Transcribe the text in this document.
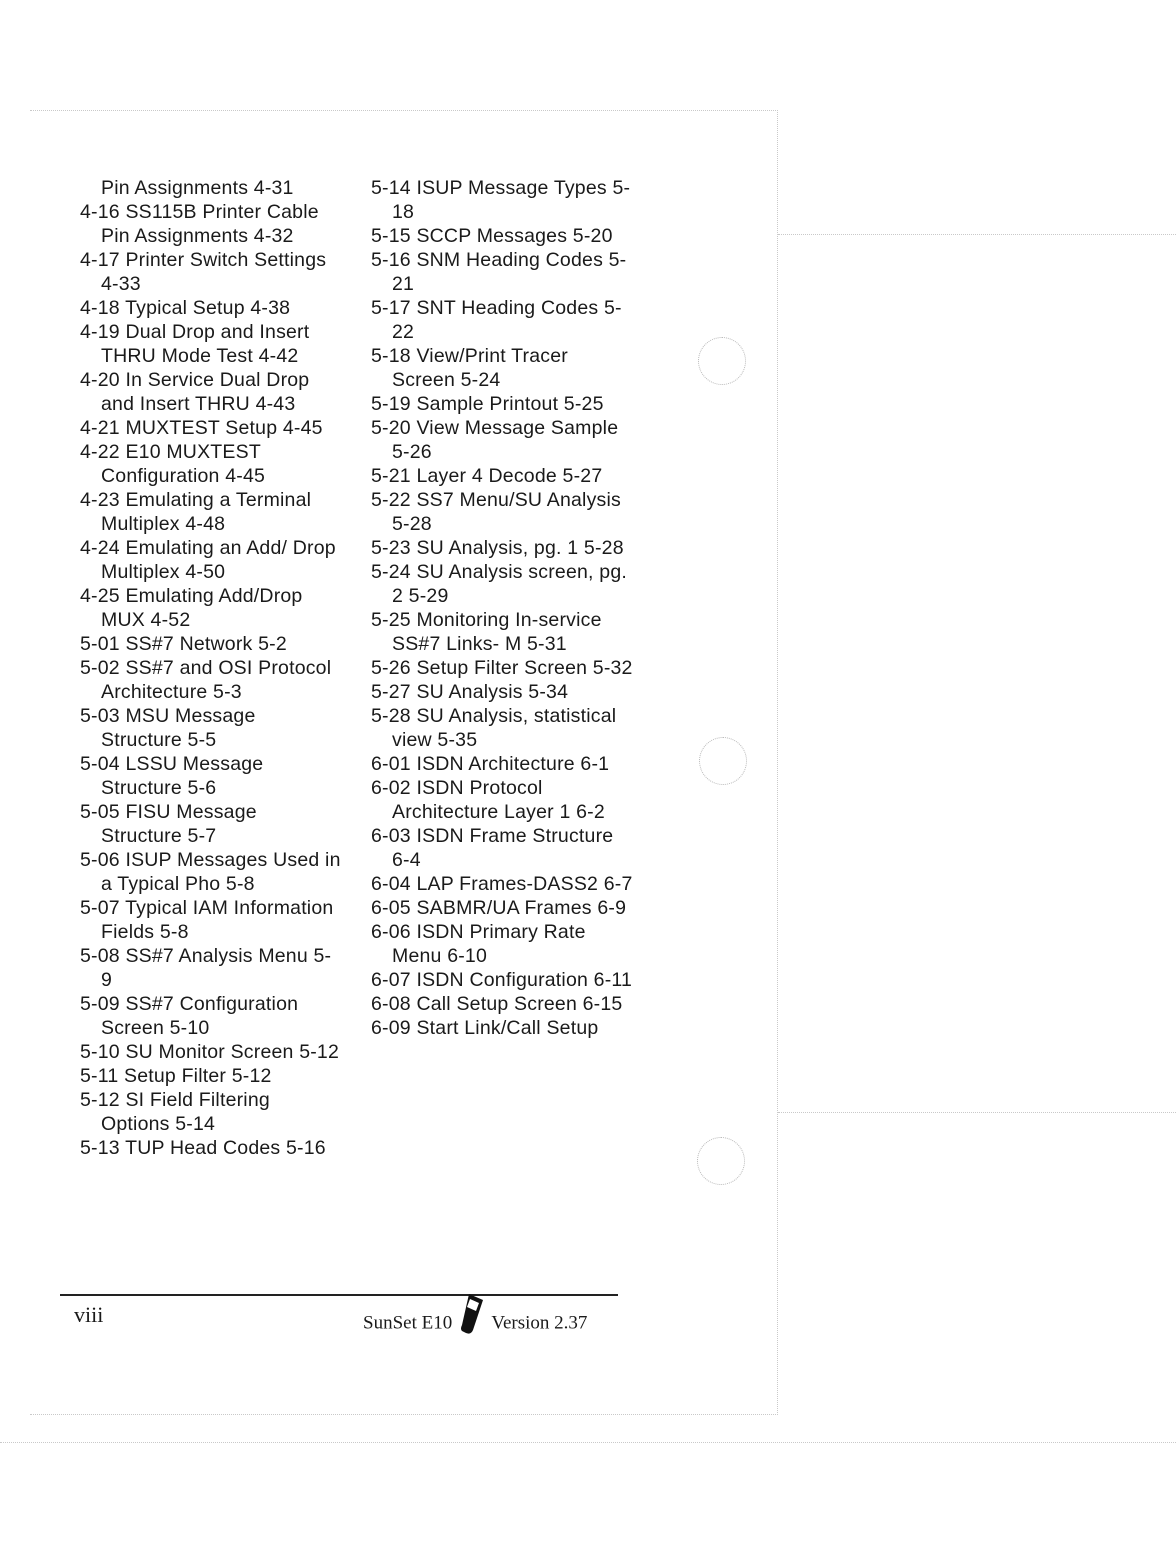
Pin Assignments 4-31
4-16 SS115B Printer Cable Pin Assignments 4-32
4-17 Printer Switch Settings 4-33
4-18 Typical Setup 4-38
4-19 Dual Drop and Insert THRU Mode Test 4-42
4-20 In Service Dual Drop and Insert THRU 4-43
4-21 MUXTEST Setup 4-45
4-22 E10 MUXTEST Configuration 4-45
4-23 Emulating a Terminal Multiplex 4-48
4-24 Emulating an Add/ Drop Multiplex 4-50
4-25 Emulating Add/Drop MUX 4-52
5-01 SS#7 Network 5-2
5-02 SS#7 and OSI Protocol Architecture 5-3
5-03 MSU Message Structure 5-5
5-04 LSSU Message Structure 5-6
5-05 FISU Message Structure 5-7
5-06 ISUP Messages Used in a Typical Pho 5-8
5-07 Typical IAM Information Fields 5-8
5-08 SS#7 Analysis Menu 5-9
5-09 SS#7 Configuration Screen 5-10
5-10 SU Monitor Screen 5-12
5-11 Setup Filter 5-12
5-12 SI Field Filtering Options 5-14
5-13 TUP Head Codes 5-16
5-14 ISUP Message Types 5-18
5-15 SCCP Messages 5-20
5-16 SNM Heading Codes 5-21
5-17 SNT Heading Codes 5-22
5-18 View/Print Tracer Screen 5-24
5-19 Sample Printout 5-25
5-20 View Message Sample 5-26
5-21 Layer 4 Decode 5-27
5-22 SS7 Menu/SU Analysis 5-28
5-23 SU Analysis, pg. 1 5-28
5-24 SU Analysis screen, pg. 2 5-29
5-25 Monitoring In-service SS#7 Links- M 5-31
5-26 Setup Filter Screen 5-32
5-27 SU Analysis 5-34
5-28 SU Analysis, statistical view 5-35
6-01 ISDN Architecture 6-1
6-02 ISDN Protocol Architecture Layer 1 6-2
6-03 ISDN Frame Structure 6-4
6-04 LAP Frames-DASS2 6-7
6-05 SABMR/UA Frames 6-9
6-06 ISDN Primary Rate Menu 6-10
6-07 ISDN Configuration 6-11
6-08 Call Setup Screen 6-15
6-09 Start Link/Call Setup
viii	SunSet E10 Version 2.37
